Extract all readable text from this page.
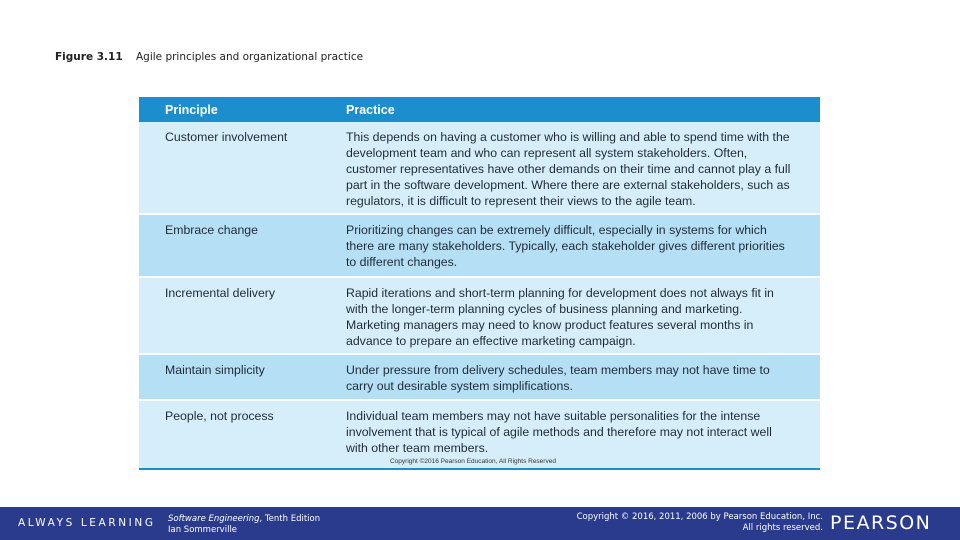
Figure 3.11 Agile principles and organizational practice
Principle	Practice
Customer involvement	This depends on having a customer who is willing and able to spend time with the development team and who can represent all system stakeholders. Often, customer representatives have other demands on their time and cannot play a full part in the software development. Where there are external stakeholders, such as regulators, it is difficult to represent their views to the agile team.
Embrace change	Prioritizing changes can be extremely difficult, especially in systems for which there are many stakeholders. Typically, each stakeholder gives different priorities to different changes.
Incremental delivery	Rapid iterations and short-term planning for development does not always fit in with the longer-term planning cycles of business planning and marketing. Marketing managers may need to know product features several months in advance to prepare an effective marketing campaign.
Maintain simplicity	Under pressure from delivery schedules, team members may not have time to carry out desirable system simplifications.
People, not process	Individual team members may not have suitable personalities for the intense involvement that is typical of agile methods and therefore may not interact well with other team members.
Copyright ©2016 Pearson Education, All Rights Reserved
ALWAYS LEARNING Software Engineering, Tenth Edition
Ian Sommerville
Copyright © 2016, 2011, 2006 by Pearson Education, Inc.
All rights reserved. PEARSON
